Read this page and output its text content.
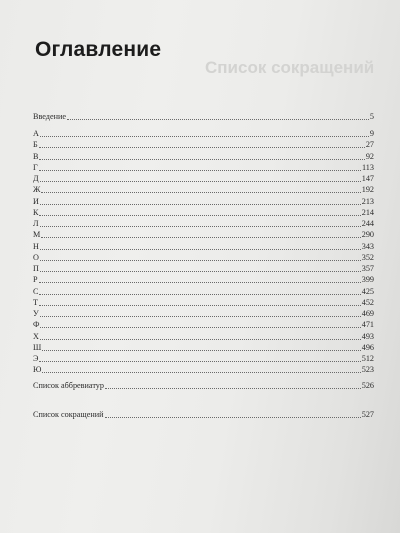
Список сокращений
Оглавление
Введение	5
А	9
Б	27
В	92
Г	113
Д	147
Ж	192
И	213
К	214
Л	244
М	290
Н	343
О	352
П	357
Р	399
С	425
Т	452
У	469
Ф	471
Х	493
Ш	496
Э	512
Ю	523
Список аббревиатур	526
Список сокращений	527
